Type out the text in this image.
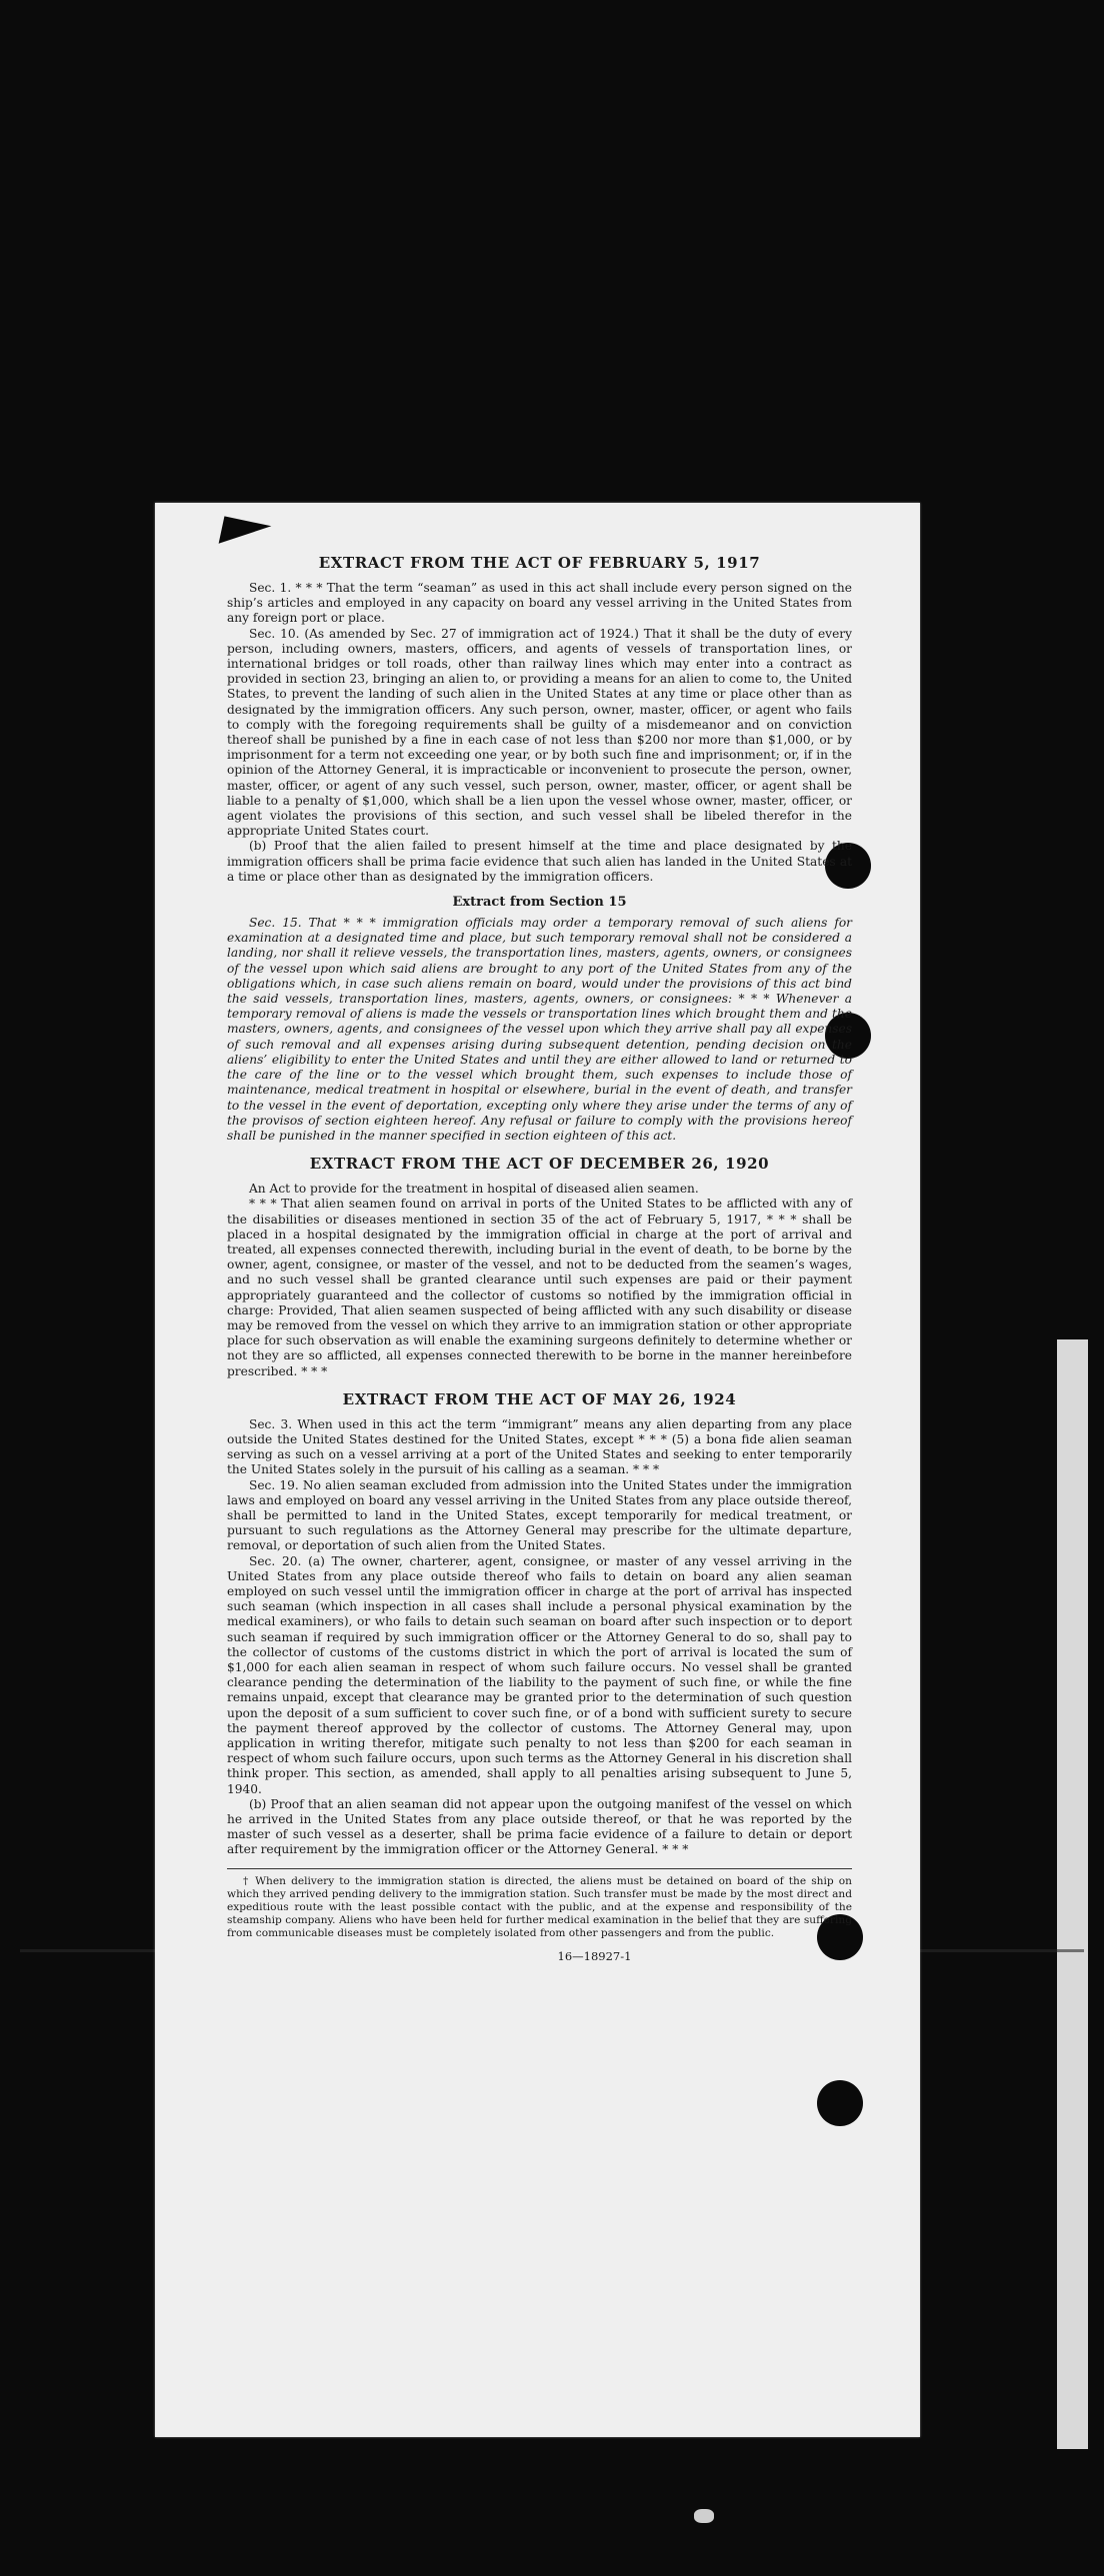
EXTRACT FROM THE ACT OF FEBRUARY 5, 1917

Sec. 1. * * * That the term “seaman” as used in this act shall include every person signed on the ship’s articles and employed in any capacity on board any vessel arriving in the United States from any foreign port or place.

Sec. 10. (As amended by Sec. 27 of immigration act of 1924.) That it shall be the duty of every person, including owners, masters, officers, and agents of vessels of transportation lines, or international bridges or toll roads, other than railway lines which may enter into a contract as provided in section 23, bringing an alien to, or providing a means for an alien to come to, the United States, to prevent the landing of such alien in the United States at any time or place other than as designated by the immigration officers. Any such person, owner, master, officer, or agent who fails to comply with the foregoing requirements shall be guilty of a misdemeanor and on conviction thereof shall be punished by a fine in each case of not less than $200 nor more than $1,000, or by imprisonment for a term not exceeding one year, or by both such fine and imprisonment; or, if in the opinion of the Attorney General, it is impracticable or inconvenient to prosecute the person, owner, master, officer, or agent of any such vessel, such person, owner, master, officer, or agent shall be liable to a penalty of $1,000, which shall be a lien upon the vessel whose owner, master, officer, or agent violates the provisions of this section, and such vessel shall be libeled therefor in the appropriate United States court.

(b) Proof that the alien failed to present himself at the time and place designated by the immigration officers shall be prima facie evidence that such alien has landed in the United States at a time or place other than as designated by the immigration officers.

Extract from Section 15

Sec. 15. That * * * immigration officials may order a temporary removal of such aliens for examination at a designated time and place, but such temporary removal shall not be considered a landing, nor shall it relieve vessels, the transportation lines, masters, agents, owners, or consignees of the vessel upon which said aliens are brought to any port of the United States from any of the obligations which, in case such aliens remain on board, would under the provisions of this act bind the said vessels, transportation lines, masters, agents, owners, or consignees: * * * Whenever a temporary removal of aliens is made the vessels or transportation lines which brought them and the masters, owners, agents, and consignees of the vessel upon which they arrive shall pay all expenses of such removal and all expenses arising during subsequent detention, pending decision on the aliens’ eligibility to enter the United States and until they are either allowed to land or returned to the care of the line or to the vessel which brought them, such expenses to include those of maintenance, medical treatment in hospital or elsewhere, burial in the event of death, and transfer to the vessel in the event of deportation, excepting only where they arise under the terms of any of the provisos of section eighteen hereof. Any refusal or failure to comply with the provisions hereof shall be punished in the manner specified in section eighteen of this act.

EXTRACT FROM THE ACT OF DECEMBER 26, 1920

An Act to provide for the treatment in hospital of diseased alien seamen.

* * * That alien seamen found on arrival in ports of the United States to be afflicted with any of the disabilities or diseases mentioned in section 35 of the act of February 5, 1917, * * * shall be placed in a hospital designated by the immigration official in charge at the port of arrival and treated, all expenses connected therewith, including burial in the event of death, to be borne by the owner, agent, consignee, or master of the vessel, and not to be deducted from the seamen’s wages, and no such vessel shall be granted clearance until such expenses are paid or their payment appropriately guaranteed and the collector of customs so notified by the immigration official in charge: Provided, That alien seamen suspected of being afflicted with any such disability or disease may be removed from the vessel on which they arrive to an immigration station or other appropriate place for such observation as will enable the examining surgeons definitely to determine whether or not they are so afflicted, all expenses connected therewith to be borne in the manner hereinbefore prescribed. * * *

EXTRACT FROM THE ACT OF MAY 26, 1924

Sec. 3. When used in this act the term “immigrant” means any alien departing from any place outside the United States destined for the United States, except * * * (5) a bona fide alien seaman serving as such on a vessel arriving at a port of the United States and seeking to enter temporarily the United States solely in the pursuit of his calling as a seaman. * * *

Sec. 19. No alien seaman excluded from admission into the United States under the immigration laws and employed on board any vessel arriving in the United States from any place outside thereof, shall be permitted to land in the United States, except temporarily for medical treatment, or pursuant to such regulations as the Attorney General may prescribe for the ultimate departure, removal, or deportation of such alien from the United States.

Sec. 20. (a) The owner, charterer, agent, consignee, or master of any vessel arriving in the United States from any place outside thereof who fails to detain on board any alien seaman employed on such vessel until the immigration officer in charge at the port of arrival has inspected such seaman (which inspection in all cases shall include a personal physical examination by the medical examiners), or who fails to detain such seaman on board after such inspection or to deport such seaman if required by such immigration officer or the Attorney General to do so, shall pay to the collector of customs of the customs district in which the port of arrival is located the sum of $1,000 for each alien seaman in respect of whom such failure occurs. No vessel shall be granted clearance pending the determination of the liability to the payment of such fine, or while the fine remains unpaid, except that clearance may be granted prior to the determination of such question upon the deposit of a sum sufficient to cover such fine, or of a bond with sufficient surety to secure the payment thereof approved by the collector of customs. The Attorney General may, upon application in writing therefor, mitigate such penalty to not less than $200 for each seaman in respect of whom such failure occurs, upon such terms as the Attorney General in his discretion shall think proper. This section, as amended, shall apply to all penalties arising subsequent to June 5, 1940.

(b) Proof that an alien seaman did not appear upon the outgoing manifest of the vessel on which he arrived in the United States from any place outside thereof, or that he was reported by the master of such vessel as a deserter, shall be prima facie evidence of a failure to detain or deport after requirement by the immigration officer or the Attorney General. * * *

† When delivery to the immigration station is directed, the aliens must be detained on board of the ship on which they arrived pending delivery to the immigration station. Such transfer must be made by the most direct and expeditious route with the least possible contact with the public, and at the expense and responsibility of the steamship company. Aliens who have been held for further medical examination in the belief that they are suffering from communicable diseases must be completely isolated from other passengers and from the public.

16—18927-1
